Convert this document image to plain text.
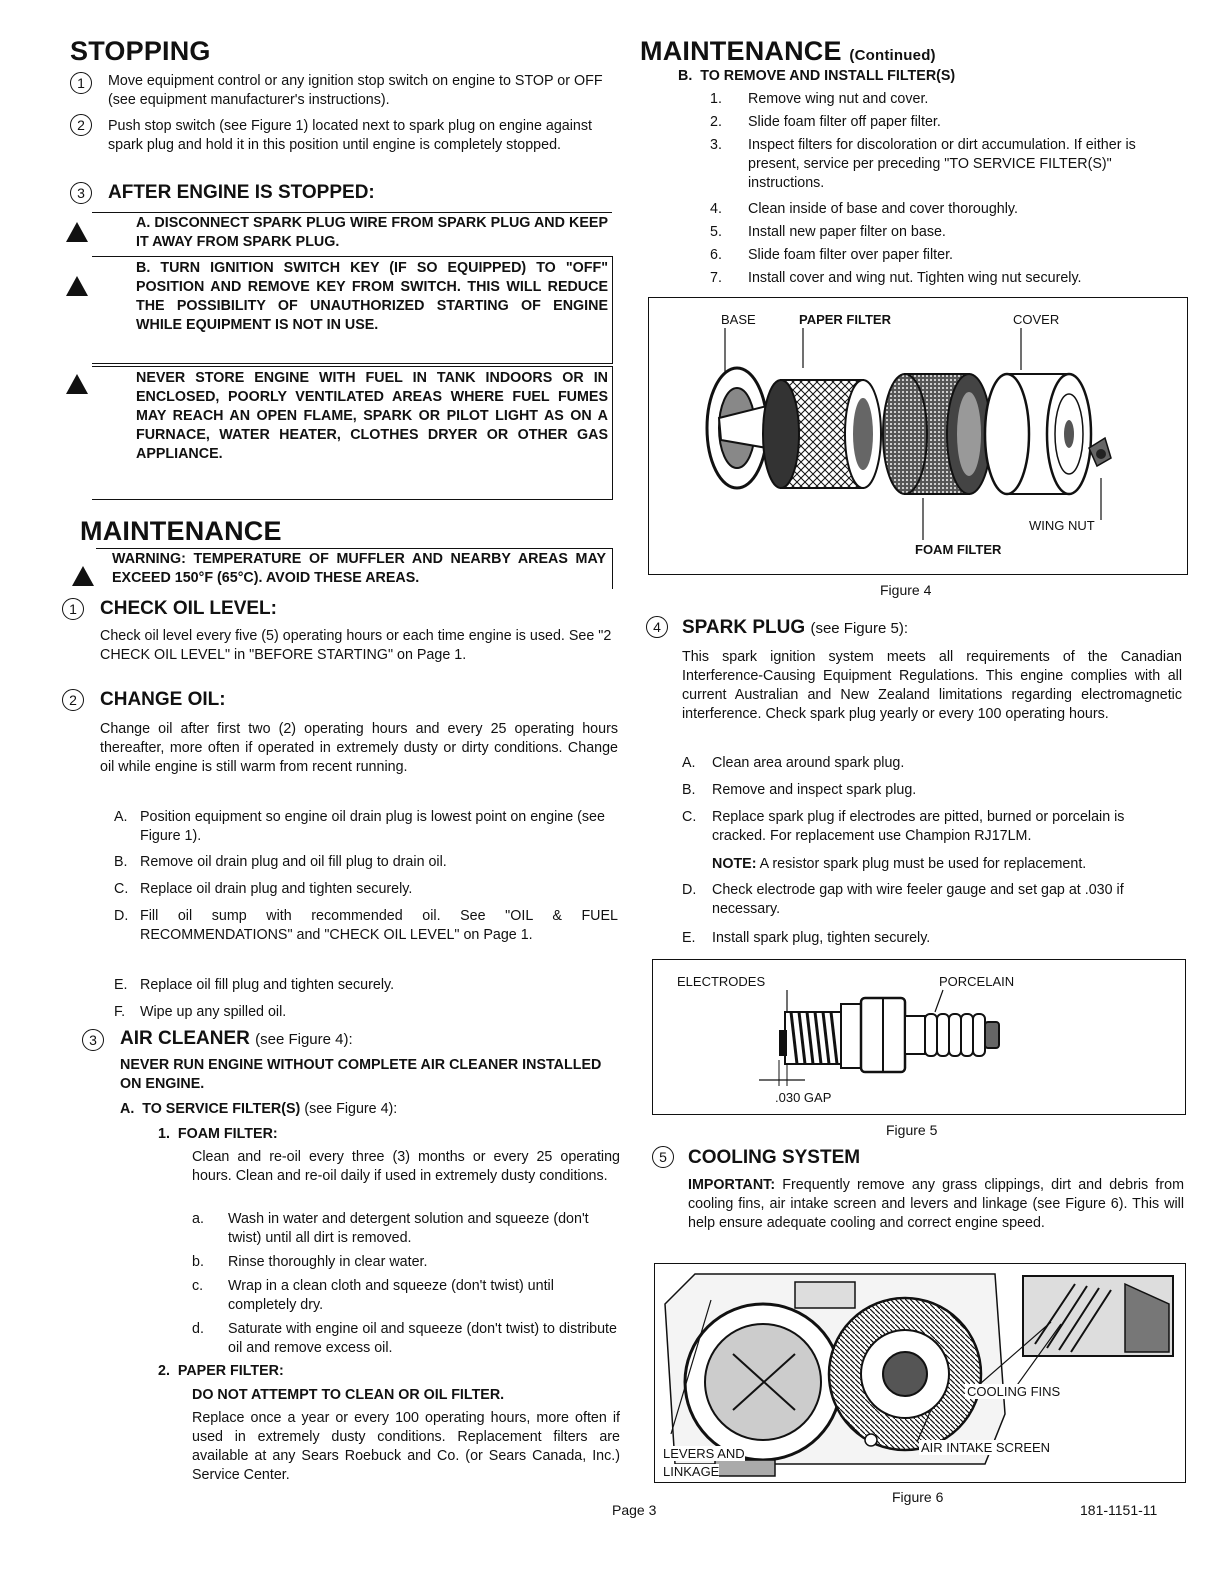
STOPPING
1	Move equipment control or any ignition stop switch on engine to STOP or OFF (see equipment manufacturer's instructions).

2	Push stop switch (see Figure 1) located next to spark plug on engine against spark plug and hold it in this position until engine is completely stopped.

3	AFTER ENGINE IS STOPPED:
A. DISCONNECT SPARK PLUG WIRE FROM SPARK PLUG AND KEEP IT AWAY FROM SPARK PLUG.
B. TURN IGNITION SWITCH KEY (IF SO EQUIPPED) TO "OFF" POSITION AND REMOVE KEY FROM SWITCH. THIS WILL REDUCE THE POSSIBILITY OF UNAUTHORIZED STARTING OF ENGINE WHILE EQUIPMENT IS NOT IN USE.
NEVER STORE ENGINE WITH FUEL IN TANK INDOORS OR IN ENCLOSED, POORLY VENTILATED AREAS WHERE FUEL FUMES MAY REACH AN OPEN FLAME, SPARK OR PILOT LIGHT AS ON A FURNACE, WATER HEATER, CLOTHES DRYER OR OTHER GAS APPLIANCE.
MAINTENANCE
WARNING: TEMPERATURE OF MUFFLER AND NEARBY AREAS MAY EXCEED 150°F (65°C). AVOID THESE AREAS.
1	CHECK OIL LEVEL:

Check oil level every five (5) operating hours or each time engine is used. See "2 CHECK OIL LEVEL" in "BEFORE STARTING" on Page 1.

2	CHANGE OIL:

Change oil after first two (2) operating hours and every 25 operating hours thereafter, more often if operated in extremely dusty or dirty conditions. Change oil while engine is still warm from recent running.

A. Position equipment so engine oil drain plug is lowest point on engine (see Figure 1).
B. Remove oil drain plug and oil fill plug to drain oil.
C. Replace oil drain plug and tighten securely.
D. Fill oil sump with recommended oil. See "OIL & FUEL RECOMMENDATIONS" and "CHECK OIL LEVEL" on Page 1.
E. Replace oil fill plug and tighten securely.
F.	Wipe up any spilled oil.
3	AIR CLEANER (see Figure 4):

NEVER RUN ENGINE WITHOUT COMPLETE AIR CLEANER INSTALLED ON ENGINE.

A.  TO SERVICE FILTER(S) (see Figure 4):
1.  FOAM FILTER:

Clean and re-oil every three (3) months or every 25 operating hours. Clean and re-oil daily if used in extremely dusty conditions.

a.	Wash in water and detergent solution and squeeze (don't twist) until all dirt is removed.
b.	Rinse thoroughly in clear water.
c.	Wrap in a clean cloth and squeeze (don't twist) until completely dry.
d.	Saturate with engine oil and squeeze (don't twist) to distribute oil and remove excess oil.
2.  PAPER FILTER:

DO NOT ATTEMPT TO CLEAN OR OIL FILTER.

Replace once a year or every 100 operating hours, more often if used in extremely dusty conditions. Replacement filters are available at any Sears Roebuck and Co. (or Sears Canada, Inc.) Service Center.

MAINTENANCE (Continued)
B.  TO REMOVE AND INSTALL FILTER(S)
1.	Remove wing nut and cover.
2.	Slide foam filter off paper filter.
3.	Inspect filters for discoloration or dirt accumulation. If either is present, service per preceding "TO SERVICE FILTER(S)" instructions.
4.	Clean inside of base and cover thoroughly.
5.	Install new paper filter on base.
6.	Slide foam filter over paper filter.
7.	Install cover and wing nut. Tighten wing nut securely.
BASE	PAPER FILTER	COVER
WING NUT
FOAM FILTER
Figure 4
4	SPARK PLUG (see Figure 5):

This spark ignition system meets all requirements of the Canadian Interference-Causing Equipment Regulations. This engine complies with all current Australian and New Zealand limitations regarding electromagnetic interference. Check spark plug yearly or every 100 operating hours.

A.	Clean area around spark plug.
B.	Remove and inspect spark plug.
C.	Replace spark plug if electrodes are pitted, burned or porcelain is cracked. For replacement use Champion RJ17LM.
NOTE: A resistor spark plug must be used for replacement.
D.	Check electrode gap with wire feeler gauge and set gap at .030 if necessary.
E.	Install spark plug, tighten securely.
ELECTRODES	PORCELAIN
.030 GAP
Figure 5
5	COOLING SYSTEM

IMPORTANT: Frequently remove any grass clippings, dirt and debris from cooling fins, air intake screen and levers and linkage (see Figure 6). This will help ensure adequate cooling and correct engine speed.

COOLING FINS
LEVERS AND
LINKAGE
AIR INTAKE SCREEN
Figure 6
181-1151-11
Page 3
